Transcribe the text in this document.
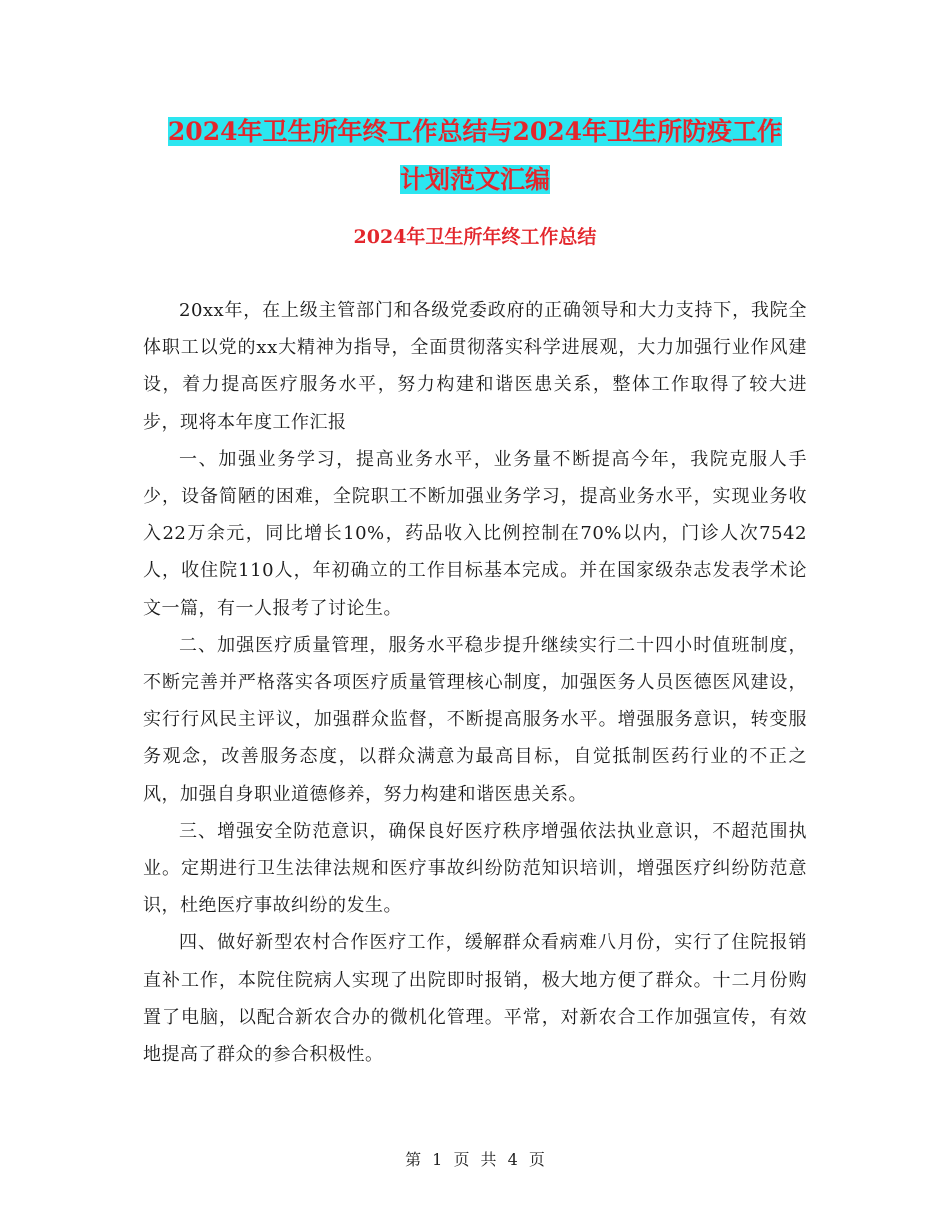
2024年卫生所年终工作总结与2024年卫生所防疫工作
计划范文汇编
2024年卫生所年终工作总结

20xx年，在上级主管部门和各级党委政府的正确领导和大力支持下，我院全体职工以党的xx大精神为指导，全面贯彻落实科学进展观，大力加强行业作风建设，着力提高医疗服务水平，努力构建和谐医患关系，整体工作取得了较大进步，现将本年度工作汇报

一、加强业务学习，提高业务水平，业务量不断提高今年，我院克服人手少，设备简陋的困难，全院职工不断加强业务学习，提高业务水平，实现业务收入22万余元，同比增长10%，药品收入比例控制在70%以内，门诊人次7542人，收住院110人，年初确立的工作目标基本完成。并在国家级杂志发表学术论文一篇，有一人报考了讨论生。

二、加强医疗质量管理，服务水平稳步提升继续实行二十四小时值班制度，不断完善并严格落实各项医疗质量管理核心制度，加强医务人员医德医风建设，实行行风民主评议，加强群众监督，不断提高服务水平。增强服务意识，转变服务观念，改善服务态度，以群众满意为最高目标，自觉抵制医药行业的不正之风，加强自身职业道德修养，努力构建和谐医患关系。

三、增强安全防范意识，确保良好医疗秩序增强依法执业意识，不超范围执业。定期进行卫生法律法规和医疗事故纠纷防范知识培训，增强医疗纠纷防范意识，杜绝医疗事故纠纷的发生。

四、做好新型农村合作医疗工作，缓解群众看病难八月份，实行了住院报销直补工作，本院住院病人实现了出院即时报销，极大地方便了群众。十二月份购置了电脑，以配合新农合办的微机化管理。平常，对新农合工作加强宣传，有效地提高了群众的参合积极性。

第 1 页 共 4 页
